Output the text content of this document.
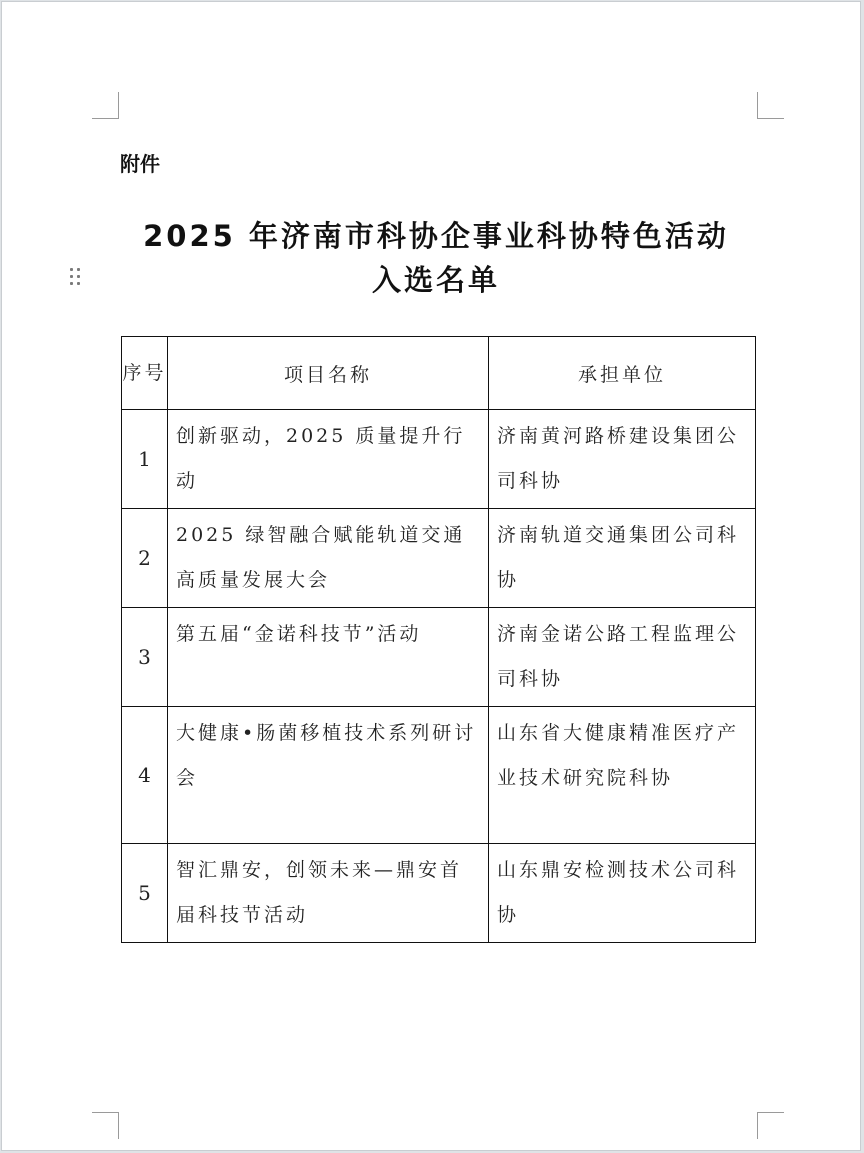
附件
2025 年济南市科协企事业科协特色活动
入选名单
序号	项目名称	承担单位
1	创新驱动，2025 质量提升行动	济南黄河路桥建设集团公司科协
2	2025 绿智融合赋能轨道交通高质量发展大会	济南轨道交通集团公司科协
3	第五届“金诺科技节”活动	济南金诺公路工程监理公司科协
4	大健康•肠菌移植技术系列研讨会	山东省大健康精准医疗产业技术研究院科协
5	智汇鼎安，创领未来—鼎安首届科技节活动	山东鼎安检测技术公司科协
